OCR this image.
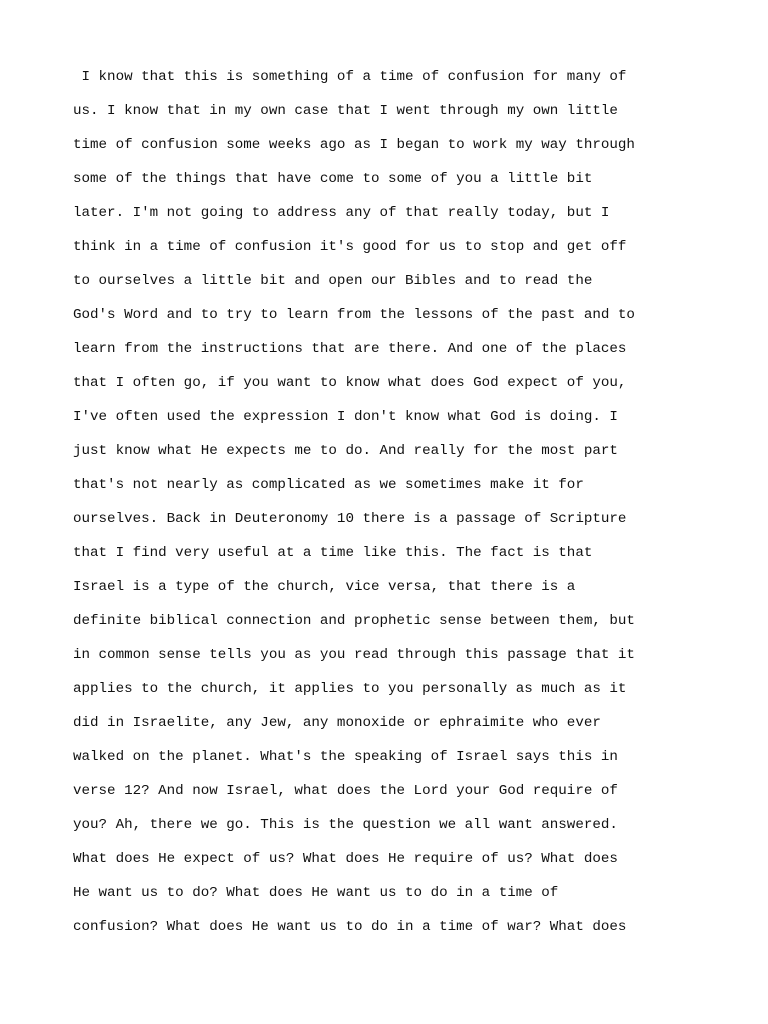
I know that this is something of a time of confusion for many of
us. I know that in my own case that I went through my own little
time of confusion some weeks ago as I began to work my way through
some of the things that have come to some of you a little bit
later. I'm not going to address any of that really today, but I
think in a time of confusion it's good for us to stop and get off
to ourselves a little bit and open our Bibles and to read the
God's Word and to try to learn from the lessons of the past and to
learn from the instructions that are there. And one of the places
that I often go, if you want to know what does God expect of you,
I've often used the expression I don't know what God is doing. I
just know what He expects me to do. And really for the most part
that's not nearly as complicated as we sometimes make it for
ourselves. Back in Deuteronomy 10 there is a passage of Scripture
that I find very useful at a time like this. The fact is that
Israel is a type of the church, vice versa, that there is a
definite biblical connection and prophetic sense between them, but
in common sense tells you as you read through this passage that it
applies to the church, it applies to you personally as much as it
did in Israelite, any Jew, any monoxide or ephraimite who ever
walked on the planet. What's the speaking of Israel says this in
verse 12? And now Israel, what does the Lord your God require of
you? Ah, there we go. This is the question we all want answered.
What does He expect of us? What does He require of us? What does
He want us to do? What does He want us to do in a time of
confusion? What does He want us to do in a time of war? What does
